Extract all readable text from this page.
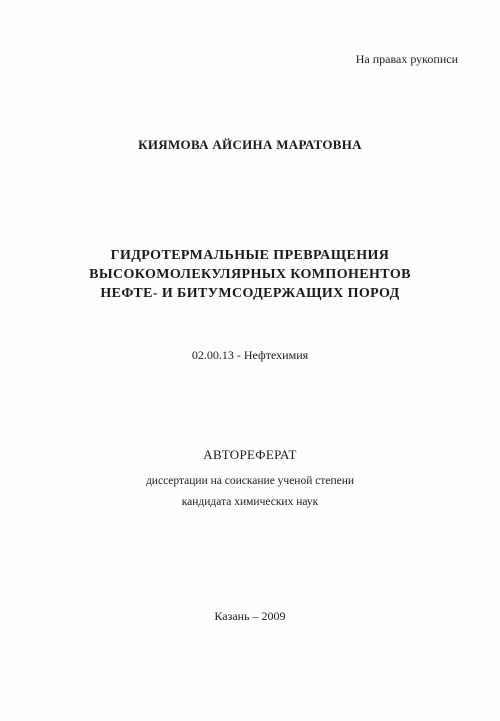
На правах рукописи
КИЯМОВА АЙСИНА МАРАТОВНА
ГИДРОТЕРМАЛЬНЫЕ ПРЕВРАЩЕНИЯ
ВЫСОКОМОЛЕКУЛЯРНЫХ КОМПОНЕНТОВ
НЕФТЕ- И БИТУМСОДЕРЖАЩИХ ПОРОД
02.00.13 - Нефтехимия
АВТОРЕФЕРАТ
диссертации на соискание ученой степени
кандидата химических наук
Казань – 2009
